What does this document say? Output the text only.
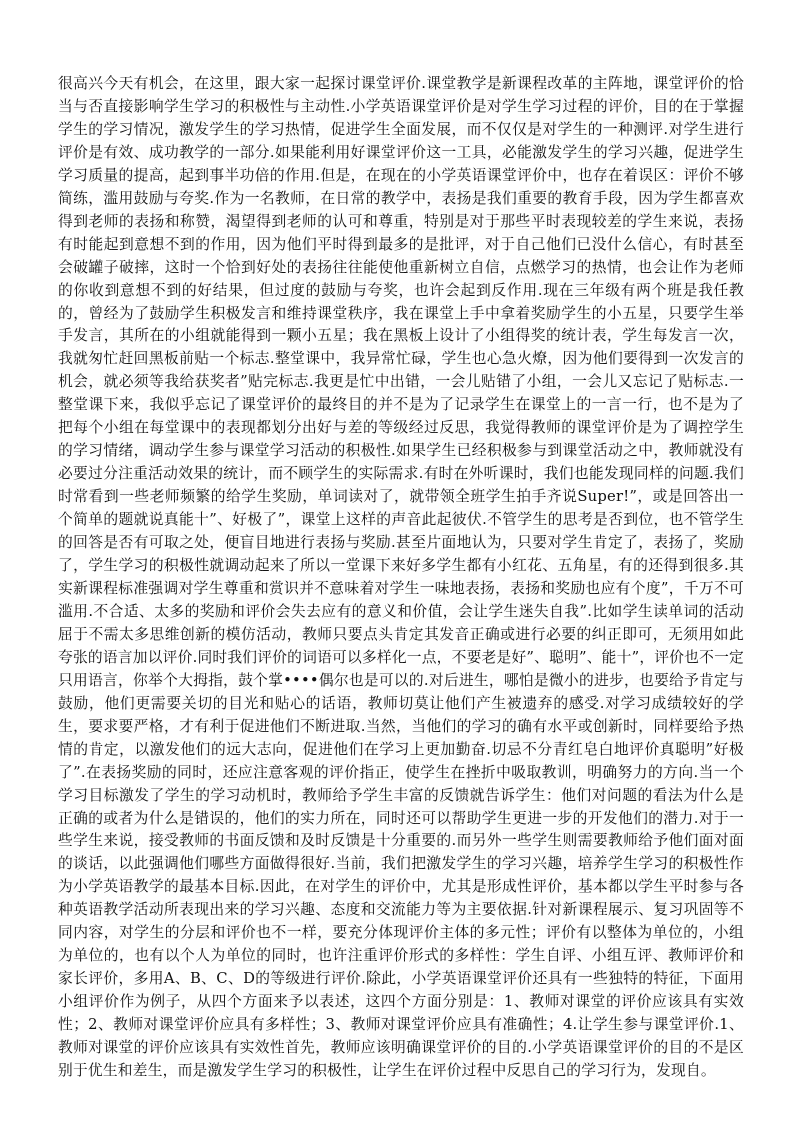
很高兴今天有机会，在这里，跟大家一起探讨课堂评价.课堂教学是新课程改革的主阵地，课堂评价的恰当与否直接影响学生学习的积极性与主动性.小学英语课堂评价是对学生学习过程的评价，目的在于掌握学生的学习情况，激发学生的学习热情，促进学生全面发展，而不仅仅是对学生的一种测评.对学生进行评价是有效、成功教学的一部分.如果能利用好课堂评价这一工具，必能激发学生的学习兴趣，促进学生学习质量的提高，起到事半功倍的作用.但是，在现在的小学英语课堂评价中，也存在着误区：评价不够简练，滥用鼓励与夸奖.作为一名教师，在日常的教学中，表扬是我们重要的教育手段，因为学生都喜欢得到老师的表扬和称赞，渴望得到老师的认可和尊重，特别是对于那些平时表现较差的学生来说，表扬有时能起到意想不到的作用，因为他们平时得到最多的是批评，对于自己他们已没什么信心，有时甚至会破罐子破摔，这时一个恰到好处的表扬往往能使他重新树立自信，点燃学习的热情，也会让作为老师的你收到意想不到的好结果，但过度的鼓励与夸奖，也许会起到反作用.现在三年级有两个班是我任教的，曾经为了鼓励学生积极发言和维持课堂秩序，我在课堂上手中拿着奖励学生的小五星，只要学生举手发言，其所在的小组就能得到一颗小五星；我在黑板上设计了小组得奖的统计表，学生每发言一次，我就匆忙赶回黑板前贴一个标志.整堂课中，我异常忙碌，学生也心急火燎，因为他们要得到一次发言的机会，就必须等我给获奖者”贴完标志.我更是忙中出错，一会儿贴错了小组，一会儿又忘记了贴标志.一整堂课下来，我似乎忘记了课堂评价的最终目的并不是为了记录学生在课堂上的一言一行，也不是为了把每个小组在每堂课中的表现都划分出好与差的等级经过反思，我觉得教师的课堂评价是为了调控学生的学习情绪，调动学生参与课堂学习活动的积极性.如果学生已经积极参与到课堂活动之中，教师就没有必要过分注重活动效果的统计，而不顾学生的实际需求.有时在外听课时，我们也能发现同样的问题.我们时常看到一些老师频繁的给学生奖励，单词读对了，就带领全班学生拍手齐说Super!”，或是回答出一个简单的题就说真能十”、好极了”，课堂上这样的声音此起彼伏.不管学生的思考是否到位，也不管学生的回答是否有可取之处，便盲目地进行表扬与奖励.甚至片面地认为，只要对学生肯定了，表扬了，奖励了，学生学习的积极性就调动起来了所以一堂课下来好多学生都有小红花、五角星，有的还得到很多.其实新课程标准强调对学生尊重和赏识并不意味着对学生一味地表扬，表扬和奖励也应有个度”，千万不可滥用.不合适、太多的奖励和评价会失去应有的意义和价值，会让学生迷失自我”.比如学生读单词的活动屈于不需太多思维创新的模仿活动，教师只要点头肯定其发音正确或进行必要的纠正即可，无须用如此夸张的语言加以评价.同时我们评价的词语可以多样化一点，不要老是好”、聪明”、能十”，评价也不一定只用语言，你举个大拇指，鼓个掌••••偶尔也是可以的.对后进生，哪怕是微小的进步，也要给予肯定与鼓励，他们更需要关切的目光和贴心的话语，教师切莫让他们产生被遗弃的感受.对学习成绩较好的学生，要求要严格，才有利于促进他们不断进取.当然，当他们的学习的确有水平或创新时，同样要给予热情的肯定，以激发他们的远大志向，促进他们在学习上更加勤奋.切忌不分青红皂白地评价真聪明”好极了”.在表扬奖励的同时，还应注意客观的评价指正，使学生在挫折中吸取教训，明确努力的方向.当一个学习目标激发了学生的学习动机时，教师给予学生丰富的反馈就告诉学生：他们对问题的看法为什么是正确的或者为什么是错误的，他们的实力所在，同时还可以帮助学生更进一步的开发他们的潜力.对于一些学生来说，接受教师的书面反馈和及时反馈是十分重要的.而另外一些学生则需要教师给予他们面对面的谈话，以此强调他们哪些方面做得很好.当前，我们把激发学生的学习兴趣，培养学生学习的积极性作为小学英语教学的最基本目标.因此，在对学生的评价中，尤其是形成性评价，基本都以学生平时参与各种英语教学活动所表现出来的学习兴趣、态度和交流能力等为主要依据.针对新课程展示、复习巩固等不同内容，对学生的分层和评价也不一样，要充分体现评价主体的多元性；评价有以整体为单位的，小组为单位的，也有以个人为单位的同时，也许注重评价形式的多样性：学生自评、小组互评、教师评价和家长评价，多用A、B、C、D的等级进行评价.除此，小学英语课堂评价还具有一些独特的特征，下面用小组评价作为例子，从四个方面来予以表述，这四个方面分别是：1、教师对课堂的评价应该具有实效性；2、教师对课堂评价应具有多样性；3、教师对课堂评价应具有准确性；4.让学生参与课堂评价.1、教师对课堂的评价应该具有实效性首先，教师应该明确课堂评价的目的.小学英语课堂评价的目的不是区别于优生和差生，而是激发学生学习的积极性，让学生在评价过程中反思自己的学习行为，发现自。
